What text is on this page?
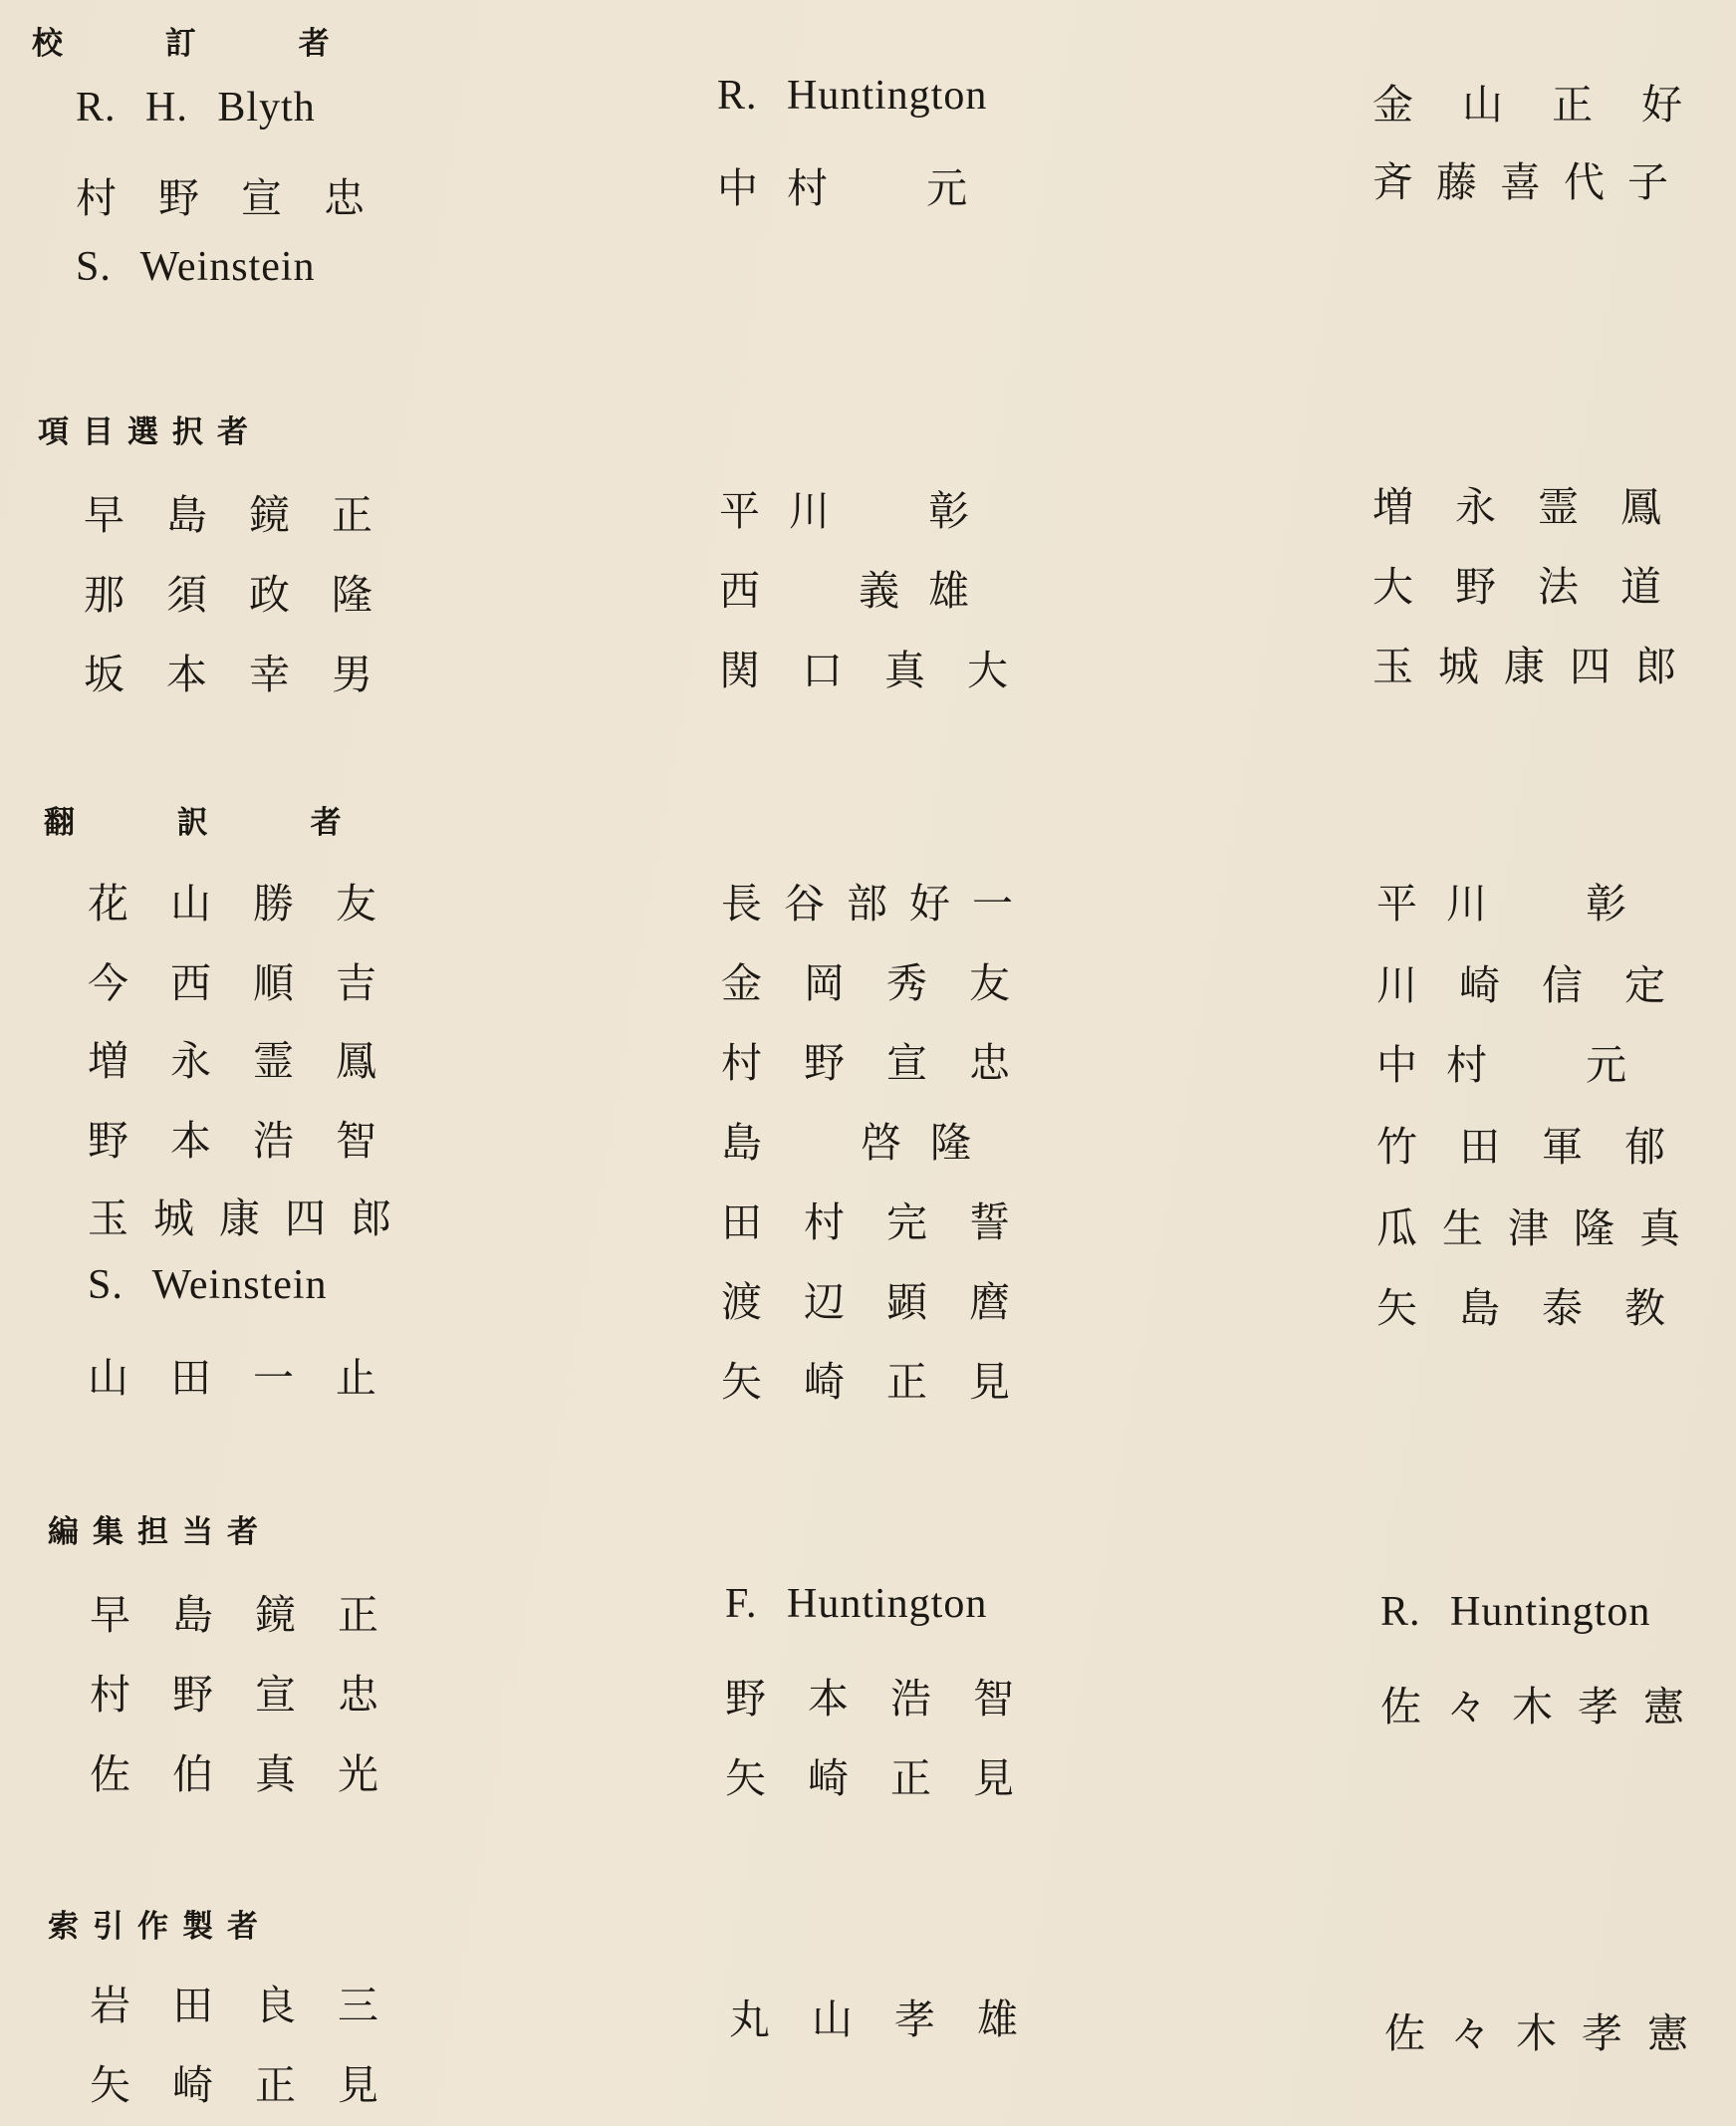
校 訂 者
R. H. Blyth
村野宣忠
S. Weinstein
R. Huntington
中 村 　 元
金 山 正 好
斉藤喜代子
項目選択者
早島鏡正
那須政隆
坂本幸男
平 川 　 彰
西 　 義 雄
関口真大
増永霊鳳
大野法道
玉城康四郎
翻 訳 者
花山勝友
今西順吉
増永霊鳳
野本浩智
玉城康四郎
S. Weinstein
山田一止
長谷部好一
金岡秀友
村野宣忠
島 　 啓 隆
田村完誓
渡辺顕麿
矢崎正見
平 川 　 彰
川崎信定
中 村 　 元
竹田軍郁
瓜生津隆真
矢島泰教
編集担当者
早島鏡正
村野宣忠
佐伯真光
F. Huntington
野本浩智
矢崎正見
R. Huntington
佐々木孝憲
索引作製者
岩田良三
矢崎正見
丸山孝雄	佐々木孝憲
